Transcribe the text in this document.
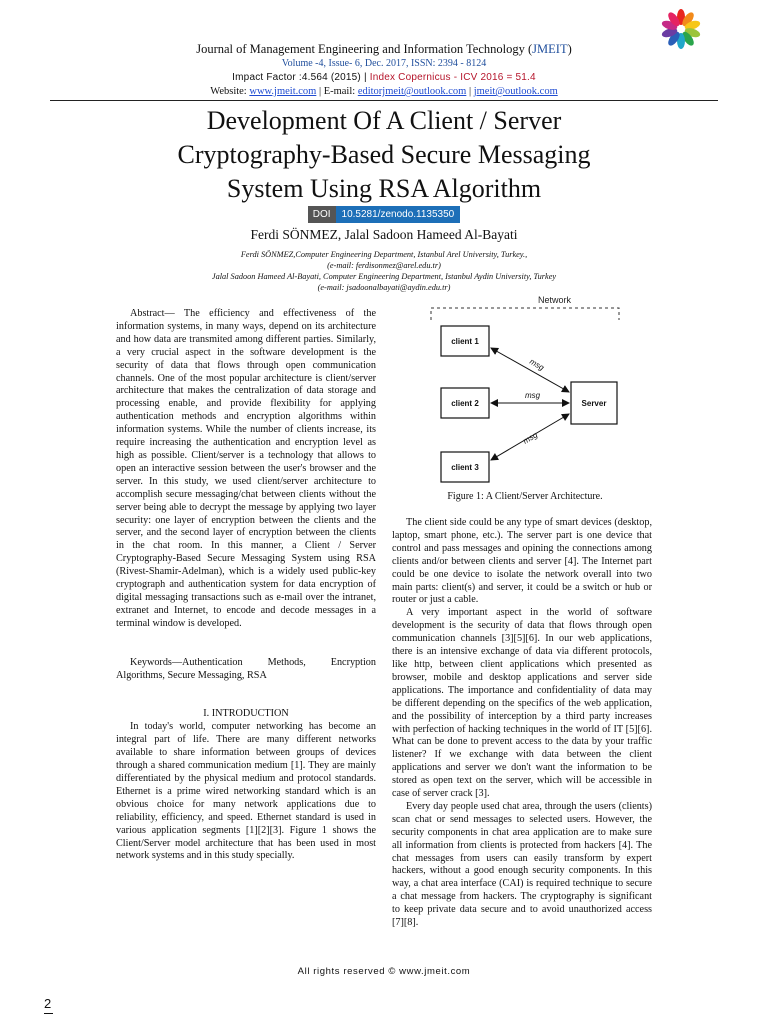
Journal of Management Engineering and Information Technology (JMEIT)
Volume -4, Issue- 6, Dec. 2017, ISSN: 2394 - 8124
Impact Factor :4.564 (2015) | Index Copernicus - ICV 2016 = 51.4
Website: www.jmeit.com | E-mail: editorjmeit@outlook.com | jmeit@outlook.com
Development Of A Client / Server
Cryptography-Based Secure Messaging
System Using RSA Algorithm
DOI	10.5281/zenodo.1135350
Ferdi SÖNMEZ, Jalal Sadoon Hameed Al-Bayati
Ferdi SÖNMEZ,Computer Engineering Department, Istanbul Arel University, Turkey.,
(e-mail: ferdisonmez@arel.edu.tr)
Jalal Sadoon Hameed Al-Bayati, Computer Engineering Department, Istanbul Aydin University, Turkey
(e-mail: jsadoonalbayati@aydin.edu.tr)

Abstract— The efficiency and effectiveness of the information systems, in many ways, depend on its architecture and how data are transmited among different parties. Similarly, a very crucial aspect in the software development is the security of data that flows through open communication channels. One of the most popular architecture is client/server architecture that makes the centralization of data storage and processing enable, and provide flexibility for applying authentication methods and encryption algorithms within information systems. While the number of clients increase, its require increasing the authentication and encryption level as high as possible. Client/server is a technology that allows to open an interactive session between the user's browser and the server. In this study, we used client/server architecture to accomplish secure messaging/chat between clients without the server being able to decrypt the message by applying two layer security: one layer of encryption between the clients and the server, and the second layer of encryption between the clients in the chat room. In this manner, a Client / Server Cryptography-Based Secure Messaging System using RSA (Rivest-Shamir-Adelman), which is a widely used public-key cryptograph and authentication system for data encryption of digital messaging transactions such as e-mail over the intranet, extranet and Internet, to encode and decode messages in a terminal window is developed.

Keywords—Authentication Methods, Encryption Algorithms, Secure Messaging, RSA

I. INTRODUCTION

In today's world, computer networking has become an integral part of life. There are many different networks available to share information between groups of devices through a shared communication medium [1]. They are mainly differentiated by the physical medium and protocol standards. Ethernet is a prime wired networking standard which is an obvious choice for many network applications due to reliability, efficiency, and speed. Ethernet standard is used in various application segments [1][2][3]. Figure 1 shows the Client/Server model architecture that has been used in most network systems and in this study specially.

Network
client 1
client 2
client 3
Server
msg
msg
msg
Figure 1: A Client/Server Architecture.

The client side could be any type of smart devices (desktop, laptop, smart phone, etc.). The server part is one device that control and pass messages and opining the connections among clients and/or between clients and server [4]. The Internet part could be one device to isolate the network overall into two main parts: client(s) and server, it could be a switch or hub or router or just a cable.

A very important aspect in the world of software development is the security of data that flows through open communication channels [3][5][6]. In our web applications, there is an intensive exchange of data via different protocols, like http, between client applications which presented as browser, mobile and desktop applications and server side applications. The importance and confidentiality of data may be different depending on the specifics of the web application, and the possibility of interception by a third party increases with perfection of hacking techniques in the world of IT [5][6]. What can be done to prevent access to the data by your traffic listener? If we exchange with data between the client applications and server we don't want the information to be stored as open text on the server, which will be accessible in case of server crack [3].

Every day people used chat area, through the users (clients) scan chat or send messages to selected users. However, the security components in chat area application are to make sure all information from clients is protected from hackers [4]. The chat messages from users can easily transform by expert hackers, without a good enough security components. In this way, a chat area interface (CAI) is required technique to secure a chat message from hackers. The cryptography is significant to keep private data secure and to avoid unauthorized access [7][8].

All rights reserved © www.jmeit.com
2
